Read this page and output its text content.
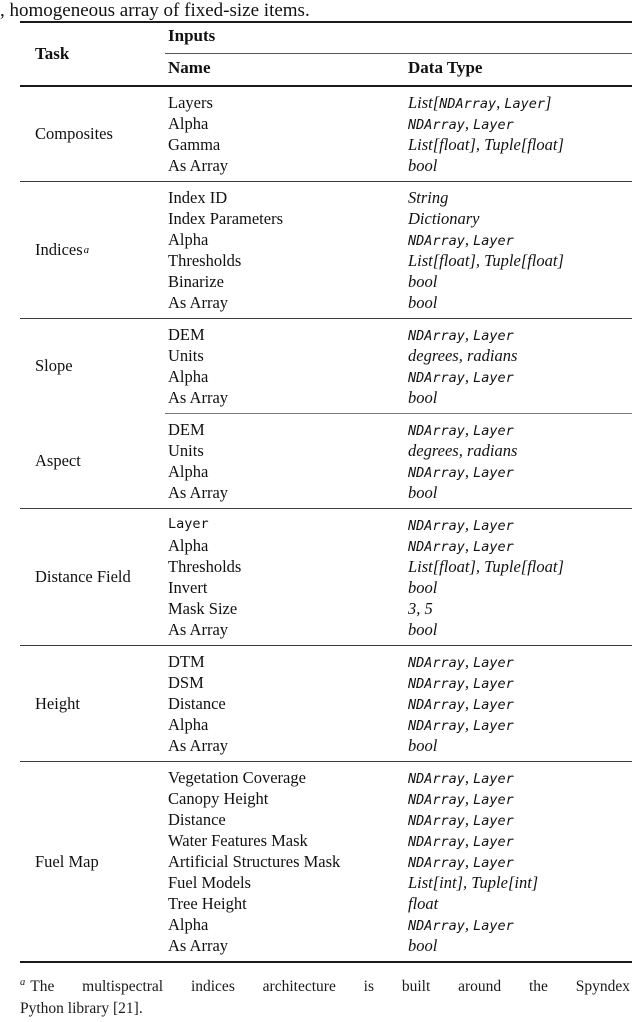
, homogeneous array of fixed-size items.
Task
Inputs
Name	Data Type
Composites
Layers	List[NDArray, Layer]
Alpha	NDArray, Layer
Gamma	List[float], Tuple[float]
As Array	bool
Indices a
Index ID	String
Index Parameters	Dictionary
Alpha	NDArray, Layer
Thresholds	List[float], Tuple[float]
Binarize	bool
As Array	bool
Slope
DEM	NDArray, Layer
Units	degrees, radians
Alpha	NDArray, Layer
As Array	bool
Aspect
DEM	NDArray, Layer
Units	degrees, radians
Alpha	NDArray, Layer
As Array	bool
Distance Field
Layer	NDArray, Layer
Alpha	NDArray, Layer
Thresholds	List[float], Tuple[float]
Invert	bool
Mask Size	3, 5
As Array	bool
Height
DTM	NDArray, Layer
DSM	NDArray, Layer
Distance	NDArray, Layer
Alpha	NDArray, Layer
As Array	bool
Fuel Map
Vegetation Coverage	NDArray, Layer
Canopy Height	NDArray, Layer
Distance	NDArray, Layer
Water Features Mask	NDArray, Layer
Artificial Structures Mask	NDArray, Layer
Fuel Models	List[int], Tuple[int]
Tree Height	float
Alpha	NDArray, Layer
As Array	bool
$^a$ The multispectral indices architecture is built around the Spyndex
Python library [21].
